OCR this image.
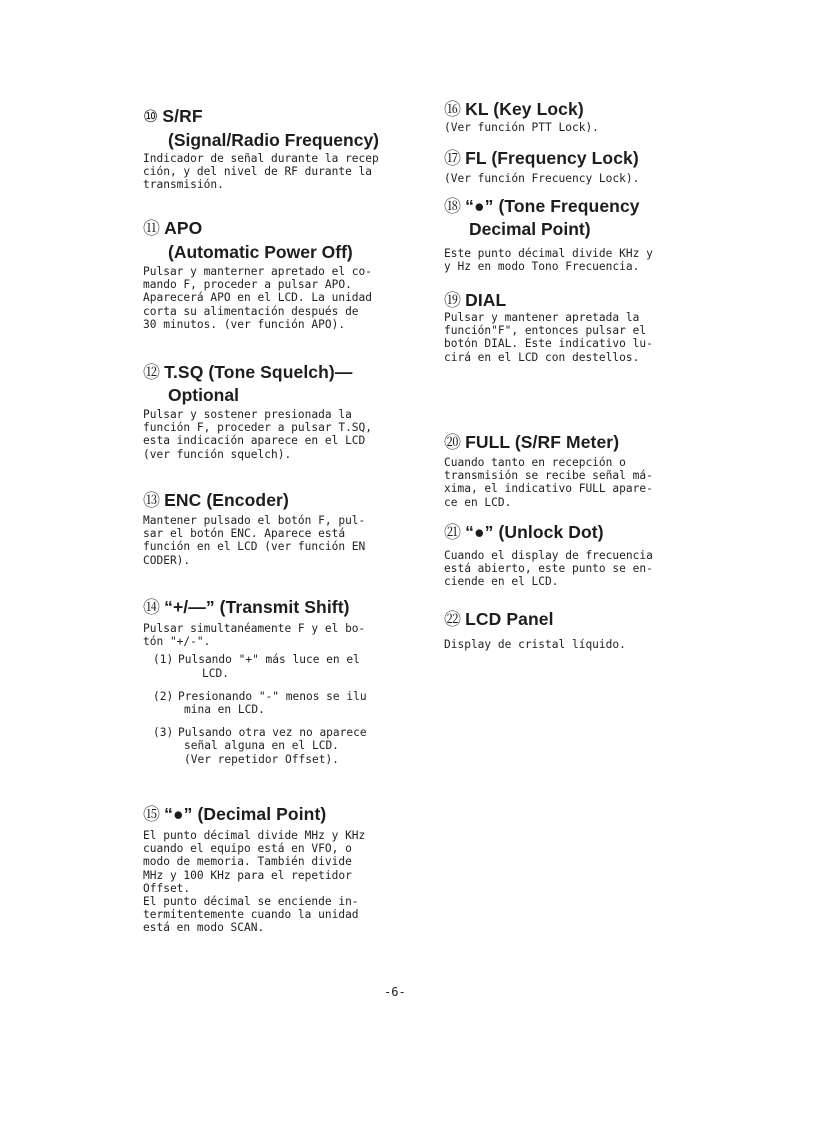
⑩ S/RF
(Signal/Radio Frequency)
Indicador de señal durante la recep
ción, y del nivel de RF durante la
transmisión.
⑪ APO
(Automatic Power Off)
Pulsar y manterner apretado el co-
mando F, proceder a pulsar APO.
Aparecerá APO en el LCD. La unidad
corta su alimentación después de
30 minutos. (ver función APO).
⑫ T.SQ (Tone Squelch)—
Optional
Pulsar y sostener presionada la
función F, proceder a pulsar T.SQ,
esta indicación aparece en el LCD
(ver función squelch).
⑬ ENC (Encoder)
Mantener pulsado el botón F, pul-
sar el botón ENC. Aparece está
función en el LCD (ver función EN
CODER).
⑭ “+/—” (Transmit Shift)
Pulsar simultanéamente F y el bo-
tón "+/-".
(1) Pulsando "+" más luce en el
LCD.
(2) Presionando "-" menos se ilu
mina en LCD.
(3) Pulsando otra vez no aparece
señal alguna en el LCD.
(Ver repetidor Offset).
⑮ “●” (Decimal Point)
El punto décimal divide MHz y KHz
cuando el equipo está en VFO, o
modo de memoria. También divide
MHz y 100 KHz para el repetidor
Offset.
El punto décimal se enciende in-
termitentemente cuando la unidad
está en modo SCAN.
⑯ KL (Key Lock)
(Ver función PTT Lock).
⑰ FL (Frequency Lock)
(Ver función Frecuency Lock).
⑱ “●” (Tone Frequency
Decimal Point)
Este punto décimal divide KHz y
y Hz en modo Tono Frecuencia.
⑲ DIAL
Pulsar y mantener apretada la
función"F", entonces pulsar el
botón DIAL. Este indicativo lu-
cirá en el LCD con destellos.
⑳ FULL (S/RF Meter)
Cuando tanto en recepción o
transmisión se recibe señal má-
xima, el indicativo FULL apare-
ce en LCD.
㉑ “●” (Unlock Dot)
Cuando el display de frecuencia
está abierto, este punto se en-
ciende en el LCD.
㉒ LCD Panel
Display de cristal líquido.
-6-
